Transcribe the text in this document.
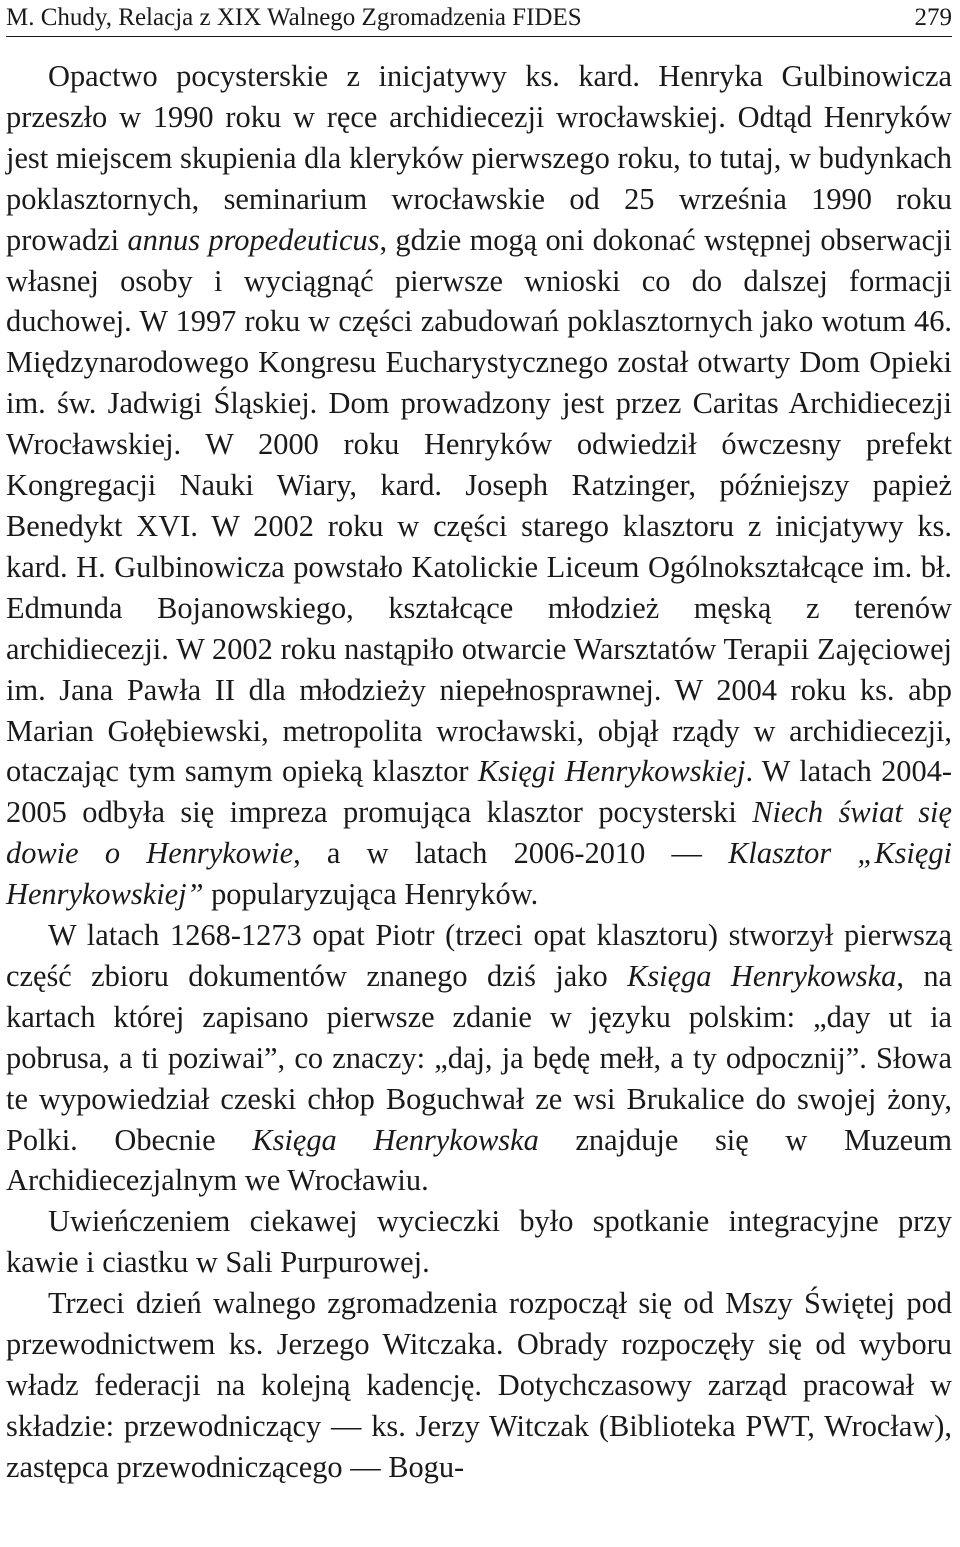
M. Chudy, Relacja z XIX Walnego Zgromadzenia FIDES	279

Opactwo pocysterskie z inicjatywy ks. kard. Henryka Gulbinowicza przeszło w 1990 roku w ręce archidiecezji wrocławskiej. Odtąd Henryków jest miejscem skupienia dla kleryków pierwszego roku, to tutaj, w budynkach poklasztornych, seminarium wrocławskie od 25 września 1990 roku prowadzi annus propedeuticus, gdzie mogą oni dokonać wstępnej obserwacji własnej osoby i wyciągnąć pierwsze wnioski co do dalszej formacji duchowej. W 1997 roku w części zabudowań poklasztornych jako wotum 46. Międzynarodowego Kongresu Eucharystycznego został otwarty Dom Opieki im. św. Jadwigi Śląskiej. Dom prowadzony jest przez Caritas Archidiecezji Wrocławskiej. W 2000 roku Henryków odwiedził ówczesny prefekt Kongregacji Nauki Wiary, kard. Joseph Ratzinger, późniejszy papież Benedykt XVI. W 2002 roku w części starego klasztoru z inicjatywy ks. kard. H. Gulbinowicza powstało Katolickie Liceum Ogólnokształcące im. bł. Edmunda Bojanowskiego, kształcące młodzież męską z terenów archidiecezji. W 2002 roku nastąpiło otwarcie Warsztatów Terapii Zajęciowej im. Jana Pawła II dla młodzieży niepełnosprawnej. W 2004 roku ks. abp Marian Gołębiewski, metropolita wrocławski, objął rządy w archidiecezji, otaczając tym samym opieką klasztor Księgi Henrykowskiej. W latach 2004-2005 odbyła się impreza promująca klasztor pocysterski Niech świat się dowie o Henrykowie, a w latach 2006-2010 — Klasztor „Księgi Henrykowskiej” popularyzująca Henryków.

W latach 1268-1273 opat Piotr (trzeci opat klasztoru) stworzył pierwszą część zbioru dokumentów znanego dziś jako Księga Henrykowska, na kartach której zapisano pierwsze zdanie w języku polskim: „day ut ia pobrusa, a ti poziwai”, co znaczy: „daj, ja będę mełł, a ty odpocznij”. Słowa te wypowiedział czeski chłop Boguchwał ze wsi Brukalice do swojej żony, Polki. Obecnie Księga Henrykowska znajduje się w Muzeum Archidiecezjalnym we Wrocławiu.

Uwieńczeniem ciekawej wycieczki było spotkanie integracyjne przy kawie i ciastku w Sali Purpurowej.

Trzeci dzień walnego zgromadzenia rozpoczął się od Mszy Świętej pod przewodnictwem ks. Jerzego Witczaka. Obrady rozpoczęły się od wyboru władz federacji na kolejną kadencję. Dotychczasowy zarząd pracował w składzie: przewodniczący — ks. Jerzy Witczak (Biblioteka PWT, Wrocław), zastępca przewodniczącego — Bogu-
